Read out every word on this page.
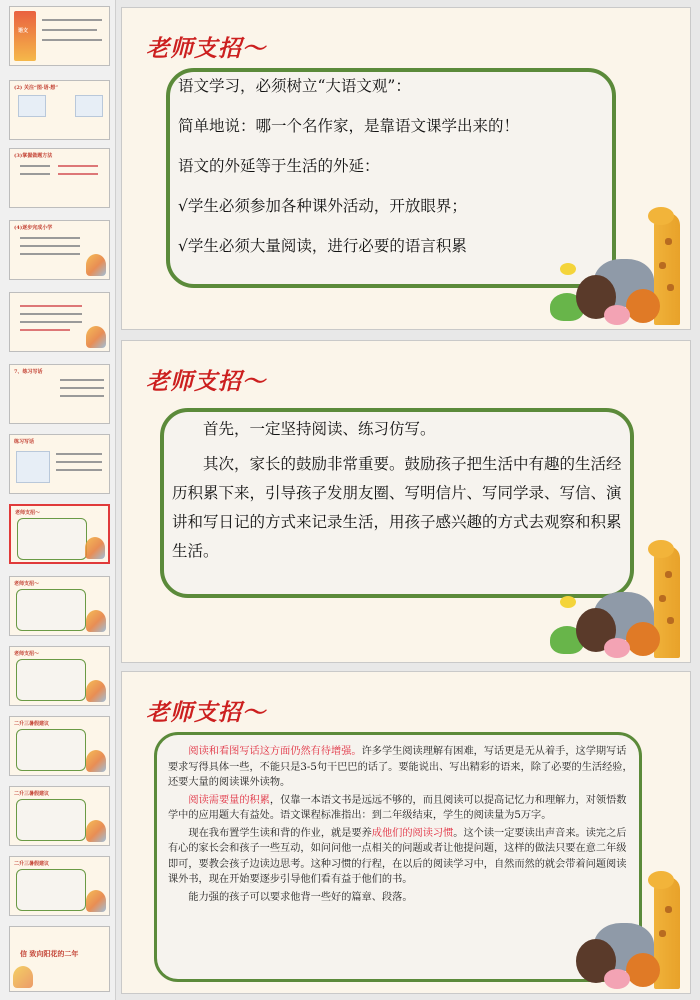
语文
(2) 关注“图·语·想”
(3)掌握做题方法
(4)逐步完成小学
7、练习写话
练习写话
老师支招～
老师支招～
老师支招～
二升三暑假建议
二升三暑假建议
二升三暑假建议
信 致向阳花的二年
老师支招～

语文学习，必须树立“大语文观”：

简单地说：哪一个名作家，是靠语文课学出来的！

语文的外延等于生活的外延：

√学生必须参加各种课外活动，开放眼界；

√学生必须大量阅读，进行必要的语言积累

老师支招～

首先，一定坚持阅读、练习仿写。

其次，家长的鼓励非常重要。鼓励孩子把生活中有趣的生活经历积累下来，引导孩子发朋友圈、写明信片、写同学录、写信、演讲和写日记的方式来记录生活，用孩子感兴趣的方式去观察和积累生活。

老师支招～

阅读和看图写话这方面仍然有待增强。许多学生阅读理解有困难，写话更是无从着手，这学期写话要求写得具体一些，不能只是3-5句干巴巴的话了。要能说出、写出精彩的语来，除了必要的生活经验，还要大量的阅读课外读物。

阅读需要量的积累，仅靠一本语文书是远远不够的，而且阅读可以提高记忆力和理解力，对领悟数学中的应用题大有益处。语文课程标准指出：到二年级结束，学生的阅读量为5万字。

现在我布置学生读和背的作业，就是要养成他们的阅读习惯。这个读一定要读出声音来。读完之后有心的家长会和孩子一些互动，如问问他一点相关的问题或者让他提问题，这样的做法只要在意二年级即可，要教会孩子边读边思考。这种习惯的行程，在以后的阅读学习中，自然而然的就会带着问题阅读课外书，现在开始要逐步引导他们看有益于他们的书。

能力强的孩子可以要求他背一些好的篇章、段落。
